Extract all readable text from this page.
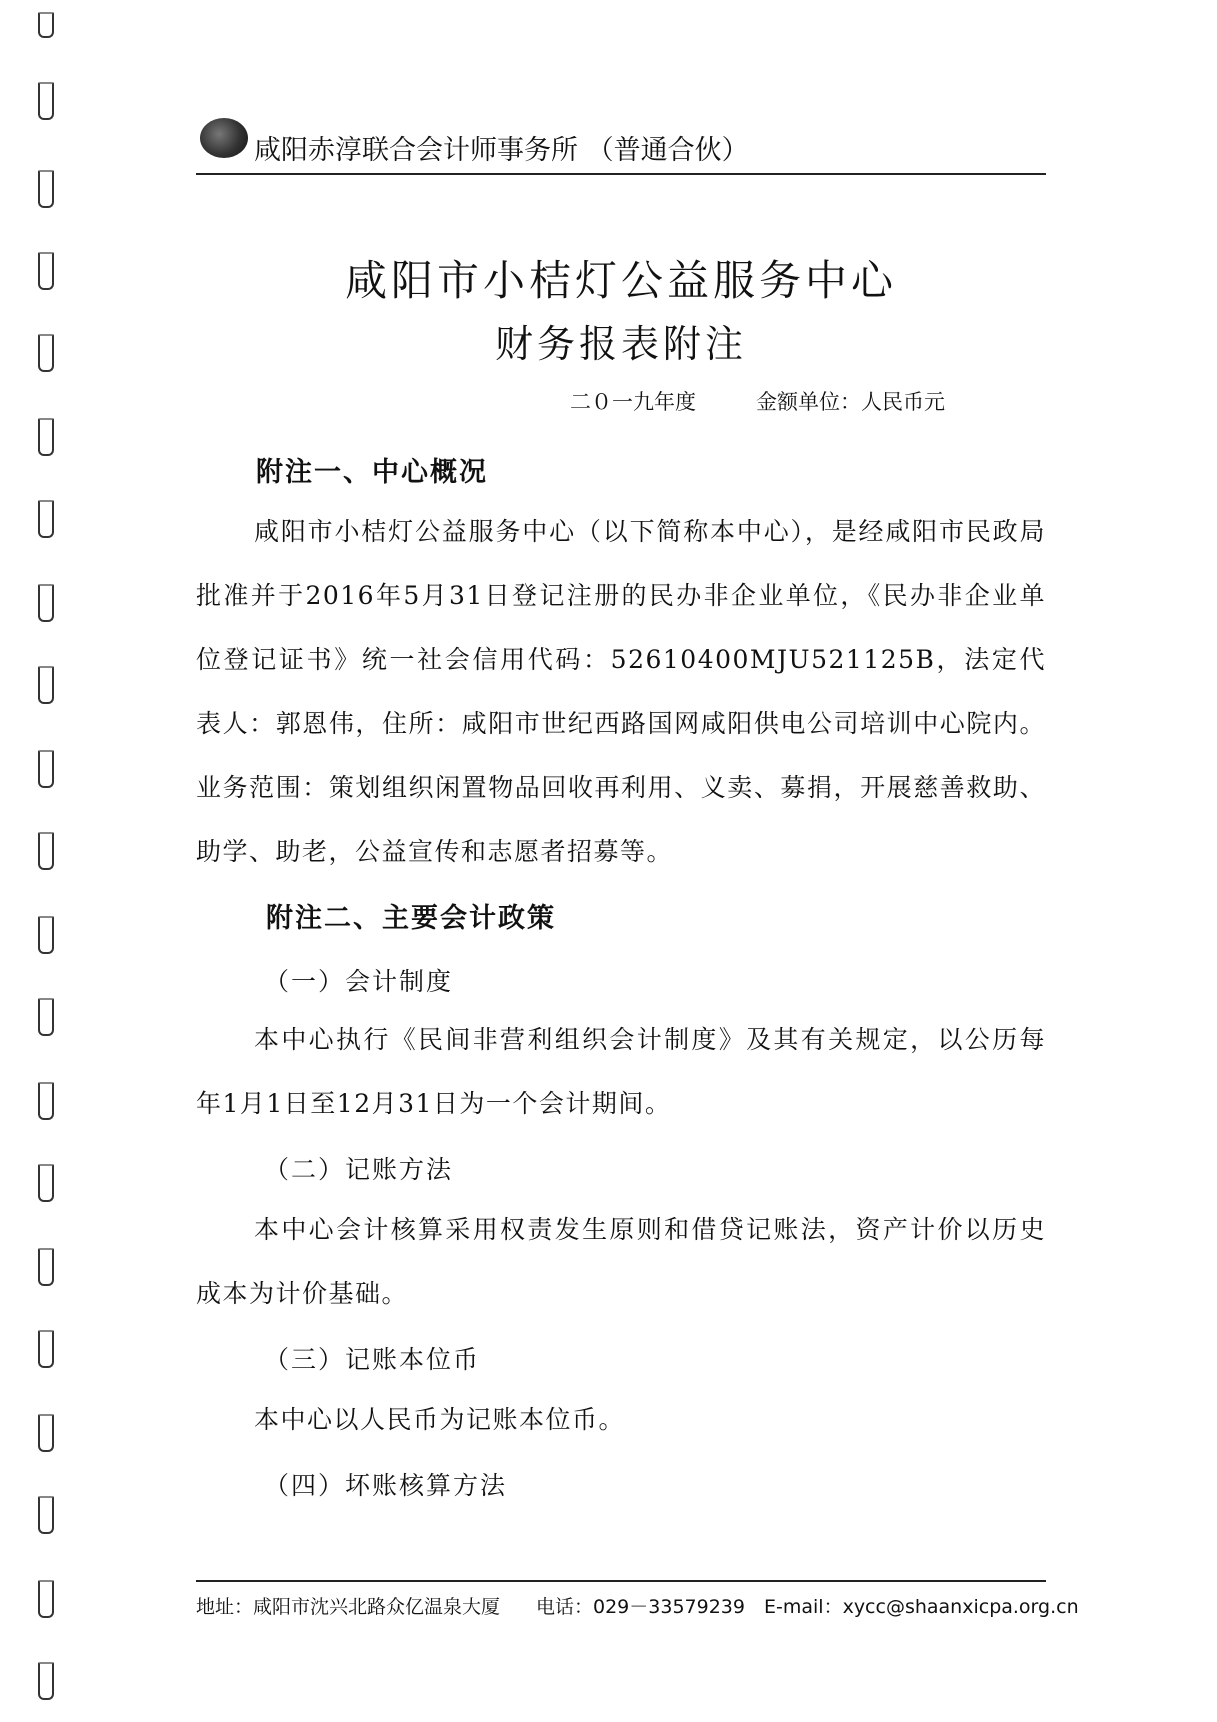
咸阳赤淳联合会计师事务所 （普通合伙）
咸阳市小桔灯公益服务中心
财务报表附注
二０一九年度	金额单位：人民币元
附注一、中心概况
咸阳市小桔灯公益服务中心（以下简称本中心），是经咸阳市民政局批准并于2016年5月31日登记注册的民办非企业单位，《民办非企业单位登记证书》统一社会信用代码：52610400MJU521125B，法定代表人：郭恩伟，住所：咸阳市世纪西路国网咸阳供电公司培训中心院内。业务范围：策划组织闲置物品回收再利用、义卖、募捐，开展慈善救助、助学、助老，公益宣传和志愿者招募等。
附注二、主要会计政策
（一）会计制度
本中心执行《民间非营利组织会计制度》及其有关规定，以公历每年1月1日至12月31日为一个会计期间。
（二）记账方法
本中心会计核算采用权责发生原则和借贷记账法，资产计价以历史成本为计价基础。
（三）记账本位币
本中心以人民币为记账本位币。
（四）坏账核算方法
地址：咸阳市沈兴北路众亿温泉大厦 电话：029－33579239 E-mail：xycc@shaanxicpa.org.cn
